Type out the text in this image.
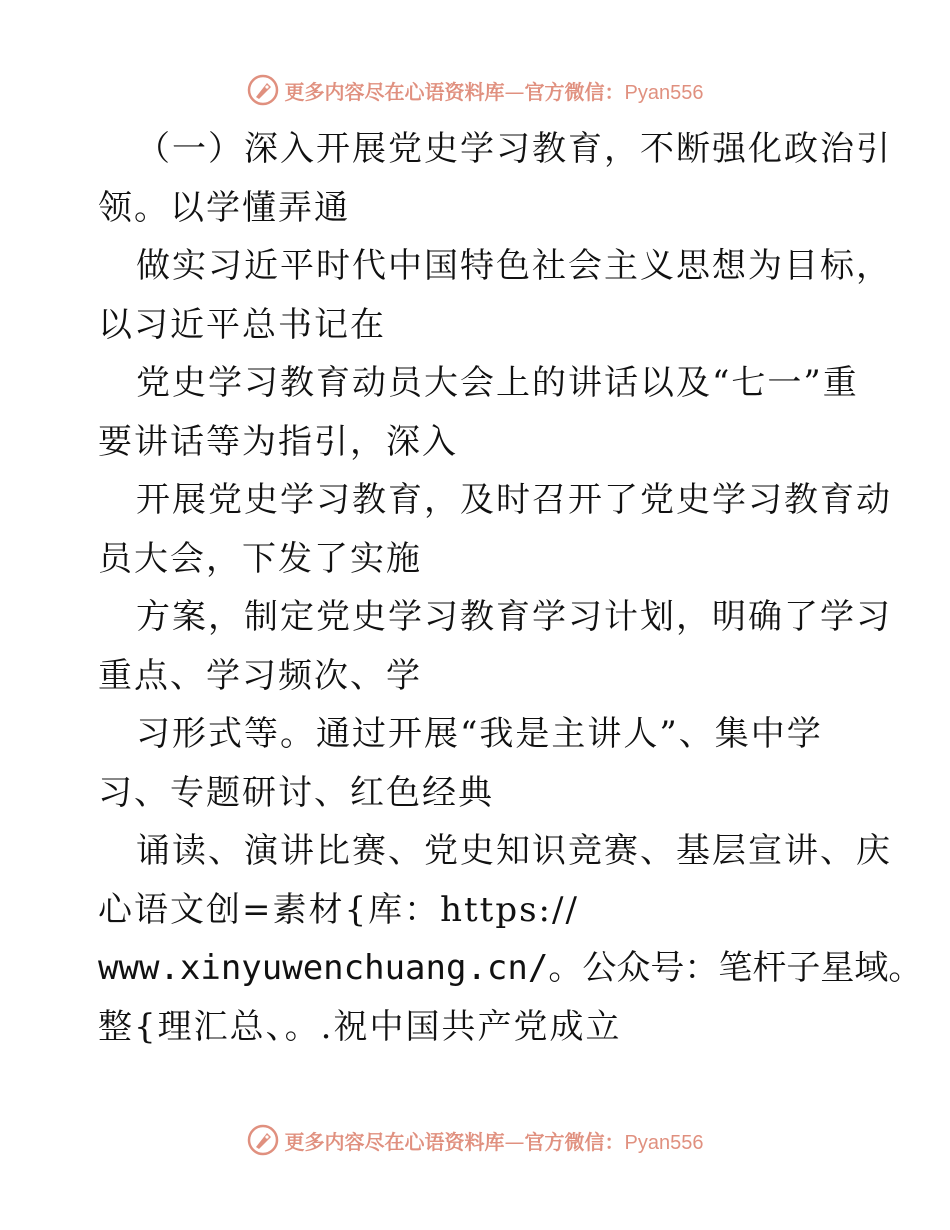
更多内容尽在心语资料库—官方微信：Pyan556
（一）深入开展党史学习教育，不断强化政治引
领。以学懂弄通
做实习近平时代中国特色社会主义思想为目标，
以习近平总书记在
党史学习教育动员大会上的讲话以及“七一”重
要讲话等为指引，深入
开展党史学习教育，及时召开了党史学习教育动
员大会，下发了实施
方案，制定党史学习教育学习计划，明确了学习
重点、学习频次、学
习形式等。通过开展“我是主讲人”、集中学
习、专题研讨、红色经典
诵读、演讲比赛、党史知识竞赛、基层宣讲、庆
心语文创=素材{库：https://
www.xinyuwenchuang.cn/。公众号：笔杆子星域。
整{理汇总、。.祝中国共产党成立
更多内容尽在心语资料库—官方微信：Pyan556
